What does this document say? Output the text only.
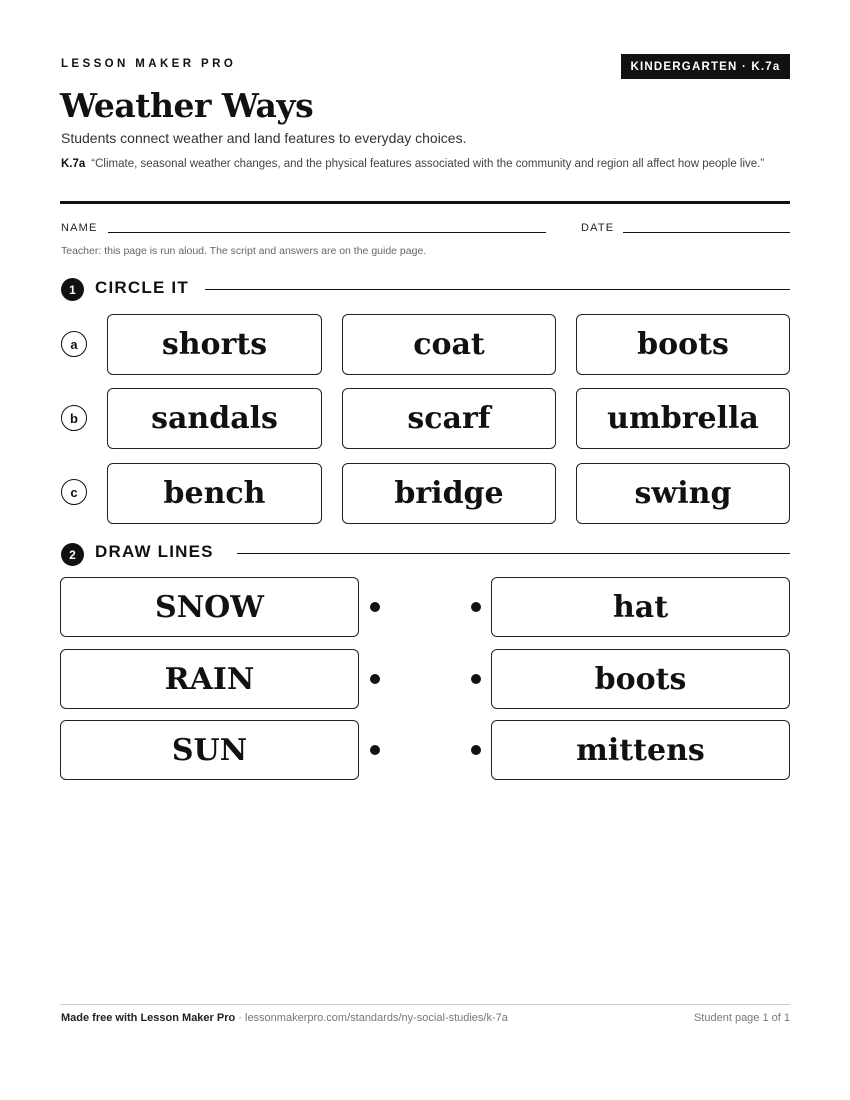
LESSON MAKER PRO	KINDERGARTEN · K.7a
Weather Ways
Students connect weather and land features to everyday choices.
K.7a “Climate, seasonal weather changes, and the physical features associated with the community and region all affect how people live.”
NAME	DATE
Teacher: this page is run aloud. The script and answers are on the guide page.
1	CIRCLE IT
a	shorts	coat	boots
b	sandals	scarf	umbrella
c	bench	bridge	swing
2	DRAW LINES
SNOW	hat
RAIN	boots
SUN	mittens
Made free with Lesson Maker Pro · lessonmakerpro.com/standards/ny-social-studies/k-7a	Student page 1 of 1
